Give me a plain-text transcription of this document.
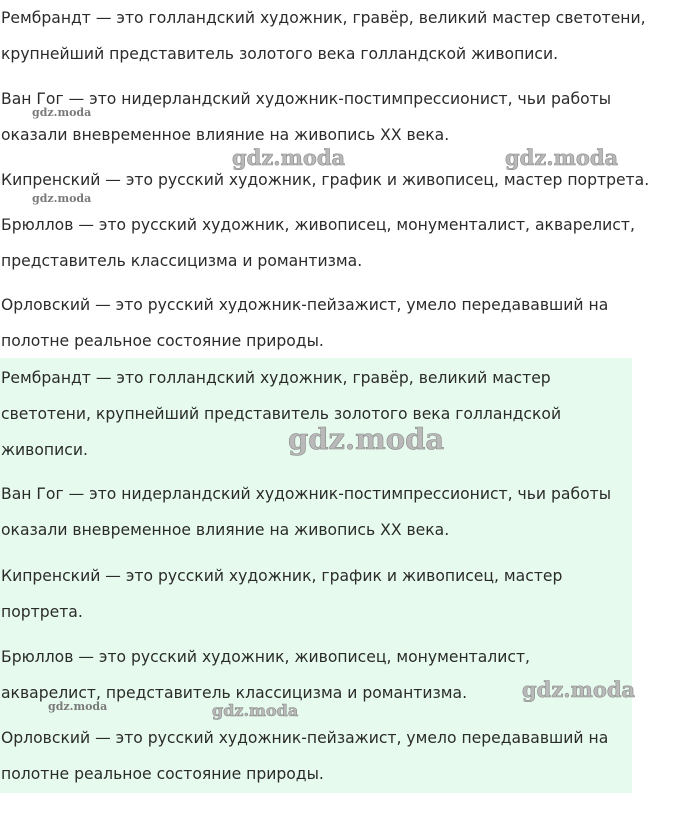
Рембрандт — это голландский художник, гравёр, великий мастер светотени, крупнейший представитель золотого века голландской живописи.

Ван Гог — это нидерландский художник-постимпрессионист, чьи работы оказали вневременное влияние на живопись XX века.

Кипренский — это русский художник, график и живописец, мастер портрета.

Брюллов — это русский художник, живописец, монументалист, акварелист, представитель классицизма и романтизма.

Орловский — это русский художник-пейзажист, умело передававший на полотне реальное состояние природы.

Рембрандт — это голландский художник, гравёр, великий мастер светотени, крупнейший представитель золотого века голландской живописи.

Ван Гог — это нидерландский художник-постимпрессионист, чьи работы оказали вневременное влияние на живопись XX века.

Кипренский — это русский художник, график и живописец, мастер портрета.

Брюллов — это русский художник, живописец, монументалист, акварелист, представитель классицизма и романтизма.

Орловский — это русский художник-пейзажист, умело передававший на полотне реальное состояние природы.

gdz.moda
gdz.moda	gdz.moda
gdz.moda
gdz.moda
gdz.moda
gdz.moda	gdz.moda
